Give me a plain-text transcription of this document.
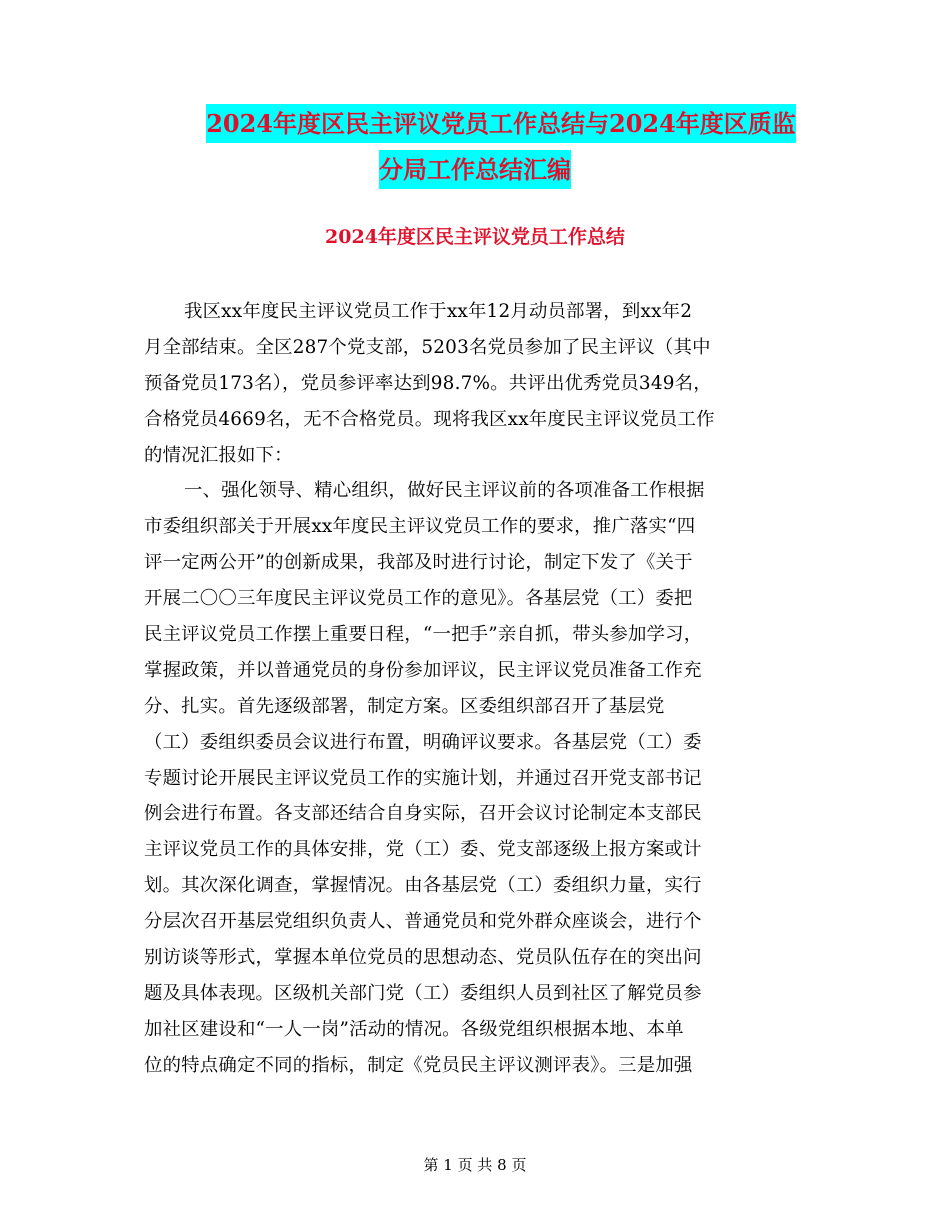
2024年度区民主评议党员工作总结与2024年度区质监
分局工作总结汇编
2024年度区民主评议党员工作总结
我区xx年度民主评议党员工作于xx年12月动员部署，到xx年2
月全部结束。全区287个党支部，5203名党员参加了民主评议（其中
预备党员173名），党员参评率达到98.7%。共评出优秀党员349名，
合格党员4669名，无不合格党员。现将我区xx年度民主评议党员工作
的情况汇报如下：
一、强化领导、精心组织，做好民主评议前的各项准备工作根据
市委组织部关于开展xx年度民主评议党员工作的要求，推广落实“四
评一定两公开”的创新成果，我部及时进行讨论，制定下发了《关于
开展二〇〇三年度民主评议党员工作的意见》。各基层党（工）委把
民主评议党员工作摆上重要日程，“一把手”亲自抓，带头参加学习，
掌握政策，并以普通党员的身份参加评议，民主评议党员准备工作充
分、扎实。首先逐级部署，制定方案。区委组织部召开了基层党
（工）委组织委员会议进行布置，明确评议要求。各基层党（工）委
专题讨论开展民主评议党员工作的实施计划，并通过召开党支部书记
例会进行布置。各支部还结合自身实际，召开会议讨论制定本支部民
主评议党员工作的具体安排，党（工）委、党支部逐级上报方案或计
划。其次深化调查，掌握情况。由各基层党（工）委组织力量，实行
分层次召开基层党组织负责人、普通党员和党外群众座谈会，进行个
别访谈等形式，掌握本单位党员的思想动态、党员队伍存在的突出问
题及具体表现。区级机关部门党（工）委组织人员到社区了解党员参
加社区建设和“一人一岗”活动的情况。各级党组织根据本地、本单
位的特点确定不同的指标，制定《党员民主评议测评表》。三是加强
第 1 页 共 8 页
